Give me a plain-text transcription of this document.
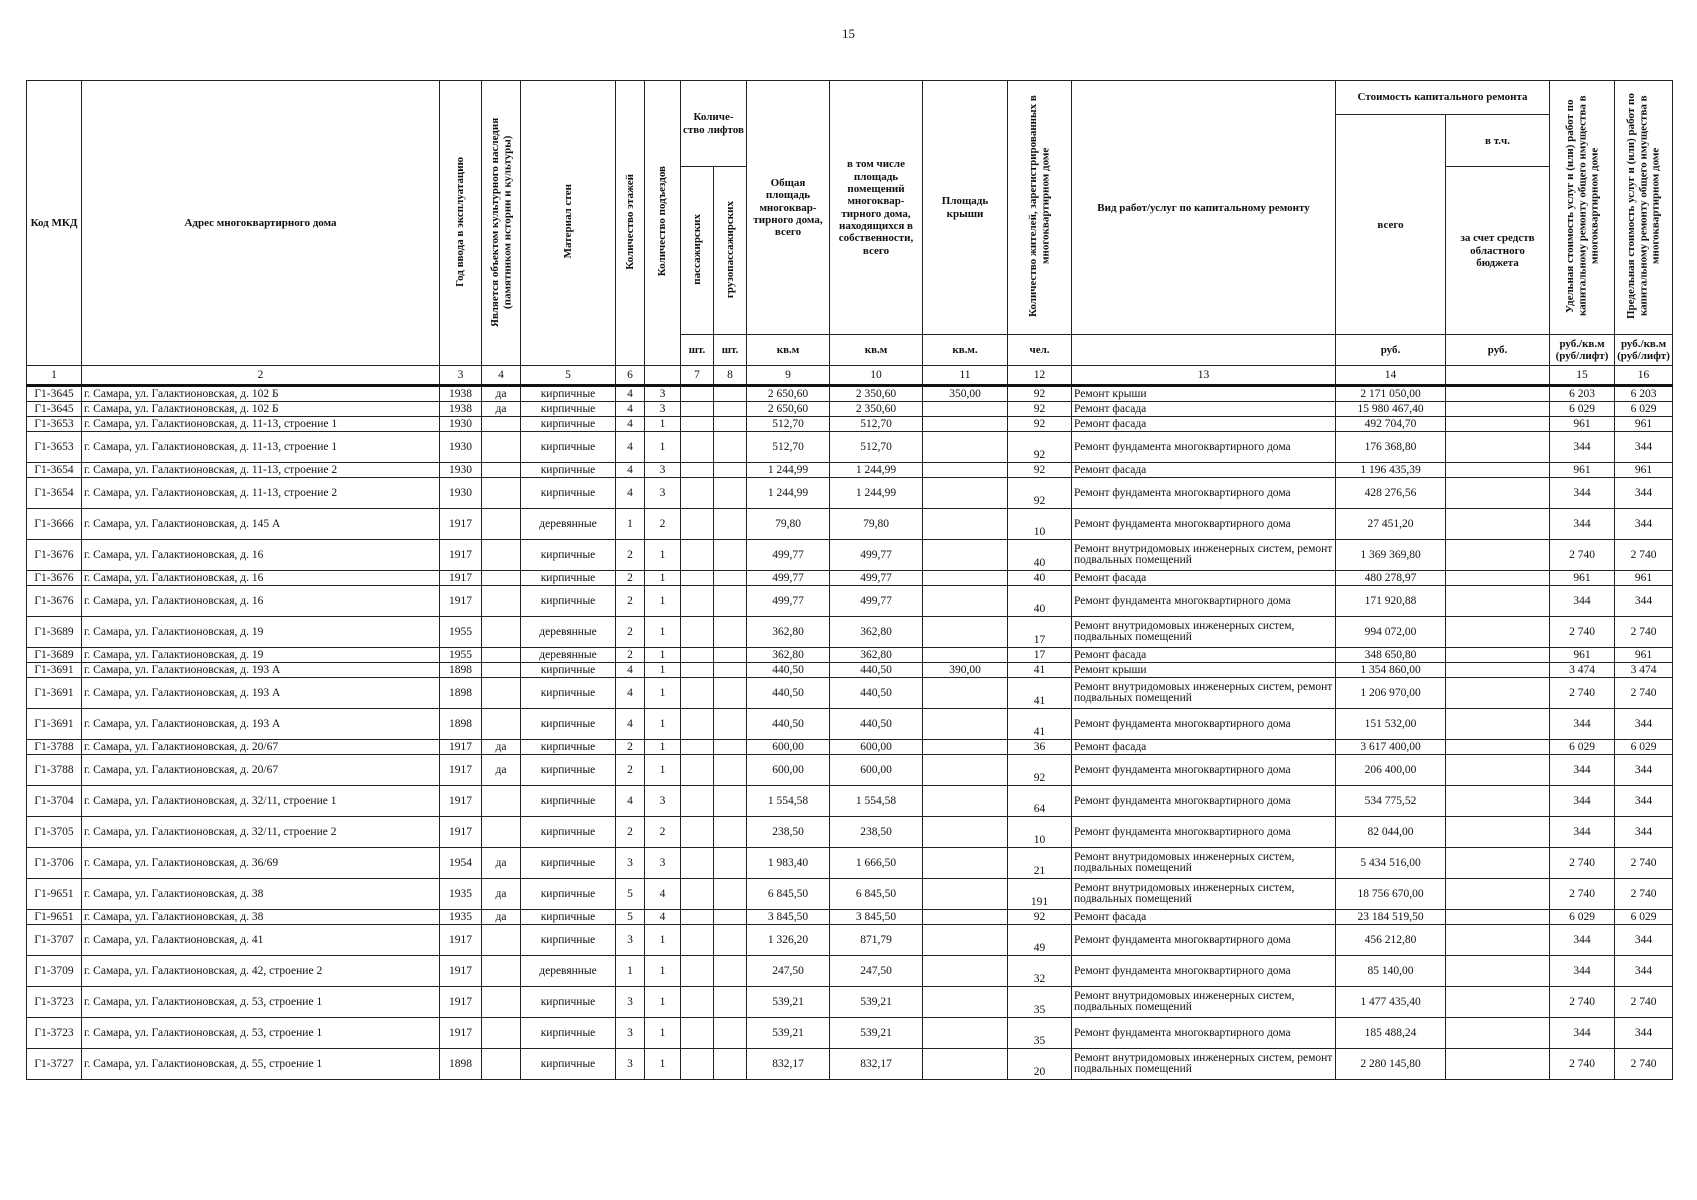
15
Код МКД	Адрес многоквартирного дома	Год ввода в эксплуатацию	Является объектом культурного наследия (памятником истории и культуры)	Материал стен	Количество этажей	Количество подъездов	Количе-ство лифтов		Общая площадь многоквар-тирного дома, всего	в том числе площадь помещений многоквар-тирного дома, находящихся в собственности, всего	Площадь крыши	Количество жителей, зарегистрированных в многоквартирном доме	Вид работ/услуг по капитальному ремонту	Стоимость капитального ремонта		Удельная стоимость услуг и (или) работ по капитальному ремонту общего имущества в многоквартирном доме	Предельная стоимость услуг и (или) работ по капитальному ремонту общего имущества в многоквартирном доме
														всего	в т.ч.		
							пассажирских	грузопассажирских							за счет средств областного бюджета		
							шт.	шт.	кв.м	кв.м	кв.м.	чел.		руб.	руб.	руб./кв.м (руб/лифт)	руб./кв.м (руб/лифт)
1	2	3	4	5	6		7	8	9	10	11	12	13	14		15	16
Г1-3645	г. Самара, ул. Галактионовская, д. 102 Б	1938	да	кирпичные	4	3			2 650,60	2 350,60	350,00	92	Ремонт крыши	2 171 050,00		6 203	6 203
Г1-3645	г. Самара, ул. Галактионовская, д. 102 Б	1938	да	кирпичные	4	3			2 650,60	2 350,60		92	Ремонт фасада	15 980 467,40		6 029	6 029
Г1-3653	г. Самара, ул. Галактионовская, д. 11-13, строение 1	1930		кирпичные	4	1			512,70	512,70		92	Ремонт фасада	492 704,70		961	961
Г1-3653	г. Самара, ул. Галактионовская, д. 11-13, строение 1	1930		кирпичные	4	1			512,70	512,70		92	Ремонт фундамента многоквартирного дома	176 368,80		344	344
Г1-3654	г. Самара, ул. Галактионовская, д. 11-13, строение 2	1930		кирпичные	4	3			1 244,99	1 244,99		92	Ремонт фасада	1 196 435,39		961	961
Г1-3654	г. Самара, ул. Галактионовская, д. 11-13, строение 2	1930		кирпичные	4	3			1 244,99	1 244,99		92	Ремонт фундамента многоквартирного дома	428 276,56		344	344
Г1-3666	г. Самара, ул. Галактионовская, д. 145 А	1917		деревянные	1	2			79,80	79,80		10	Ремонт фундамента многоквартирного дома	27 451,20		344	344
Г1-3676	г. Самара, ул. Галактионовская, д. 16	1917		кирпичные	2	1			499,77	499,77		40	Ремонт внутридомовых инженерных систем, ремонт подвальных помещений	1 369 369,80		2 740	2 740
Г1-3676	г. Самара, ул. Галактионовская, д. 16	1917		кирпичные	2	1			499,77	499,77		40	Ремонт фасада	480 278,97		961	961
Г1-3676	г. Самара, ул. Галактионовская, д. 16	1917		кирпичные	2	1			499,77	499,77		40	Ремонт фундамента многоквартирного дома	171 920,88		344	344
Г1-3689	г. Самара, ул. Галактионовская, д. 19	1955		деревянные	2	1			362,80	362,80		17	Ремонт внутридомовых инженерных систем, подвальных помещений	994 072,00		2 740	2 740
Г1-3689	г. Самара, ул. Галактионовская, д. 19	1955		деревянные	2	1			362,80	362,80		17	Ремонт фасада	348 650,80		961	961
Г1-3691	г. Самара, ул. Галактионовская, д. 193 А	1898		кирпичные	4	1			440,50	440,50	390,00	41	Ремонт крыши	1 354 860,00		3 474	3 474
Г1-3691	г. Самара, ул. Галактионовская, д. 193 А	1898		кирпичные	4	1			440,50	440,50		41	Ремонт внутридомовых инженерных систем, ремонт подвальных помещений	1 206 970,00		2 740	2 740
Г1-3691	г. Самара, ул. Галактионовская, д. 193 А	1898		кирпичные	4	1			440,50	440,50		41	Ремонт фундамента многоквартирного дома	151 532,00		344	344
Г1-3788	г. Самара, ул. Галактионовская, д. 20/67	1917	да	кирпичные	2	1			600,00	600,00		36	Ремонт фасада	3 617 400,00		6 029	6 029
Г1-3788	г. Самара, ул. Галактионовская, д. 20/67	1917	да	кирпичные	2	1			600,00	600,00		92	Ремонт фундамента многоквартирного дома	206 400,00		344	344
Г1-3704	г. Самара, ул. Галактионовская, д. 32/11, строение 1	1917		кирпичные	4	3			1 554,58	1 554,58		64	Ремонт фундамента многоквартирного дома	534 775,52		344	344
Г1-3705	г. Самара, ул. Галактионовская, д. 32/11, строение 2	1917		кирпичные	2	2			238,50	238,50		10	Ремонт фундамента многоквартирного дома	82 044,00		344	344
Г1-3706	г. Самара, ул. Галактионовская, д. 36/69	1954	да	кирпичные	3	3			1 983,40	1 666,50		21	Ремонт внутридомовых инженерных систем, подвальных помещений	5 434 516,00		2 740	2 740
Г1-9651	г. Самара, ул. Галактионовская, д. 38	1935	да	кирпичные	5	4			6 845,50	6 845,50		191	Ремонт внутридомовых инженерных систем, подвальных помещений	18 756 670,00		2 740	2 740
Г1-9651	г. Самара, ул. Галактионовская, д. 38	1935	да	кирпичные	5	4			3 845,50	3 845,50		92	Ремонт фасада	23 184 519,50		6 029	6 029
Г1-3707	г. Самара, ул. Галактионовская, д. 41	1917		кирпичные	3	1			1 326,20	871,79		49	Ремонт фундамента многоквартирного дома	456 212,80		344	344
Г1-3709	г. Самара, ул. Галактионовская, д. 42, строение 2	1917		деревянные	1	1			247,50	247,50		32	Ремонт фундамента многоквартирного дома	85 140,00		344	344
Г1-3723	г. Самара, ул. Галактионовская, д. 53, строение 1	1917		кирпичные	3	1			539,21	539,21		35	Ремонт внутридомовых инженерных систем, подвальных помещений	1 477 435,40		2 740	2 740
Г1-3723	г. Самара, ул. Галактионовская, д. 53, строение 1	1917		кирпичные	3	1			539,21	539,21		35	Ремонт фундамента многоквартирного дома	185 488,24		344	344
Г1-3727	г. Самара, ул. Галактионовская, д. 55, строение 1	1898		кирпичные	3	1			832,17	832,17		20	Ремонт внутридомовых инженерных систем, ремонт подвальных помещений	2 280 145,80		2 740	2 740
